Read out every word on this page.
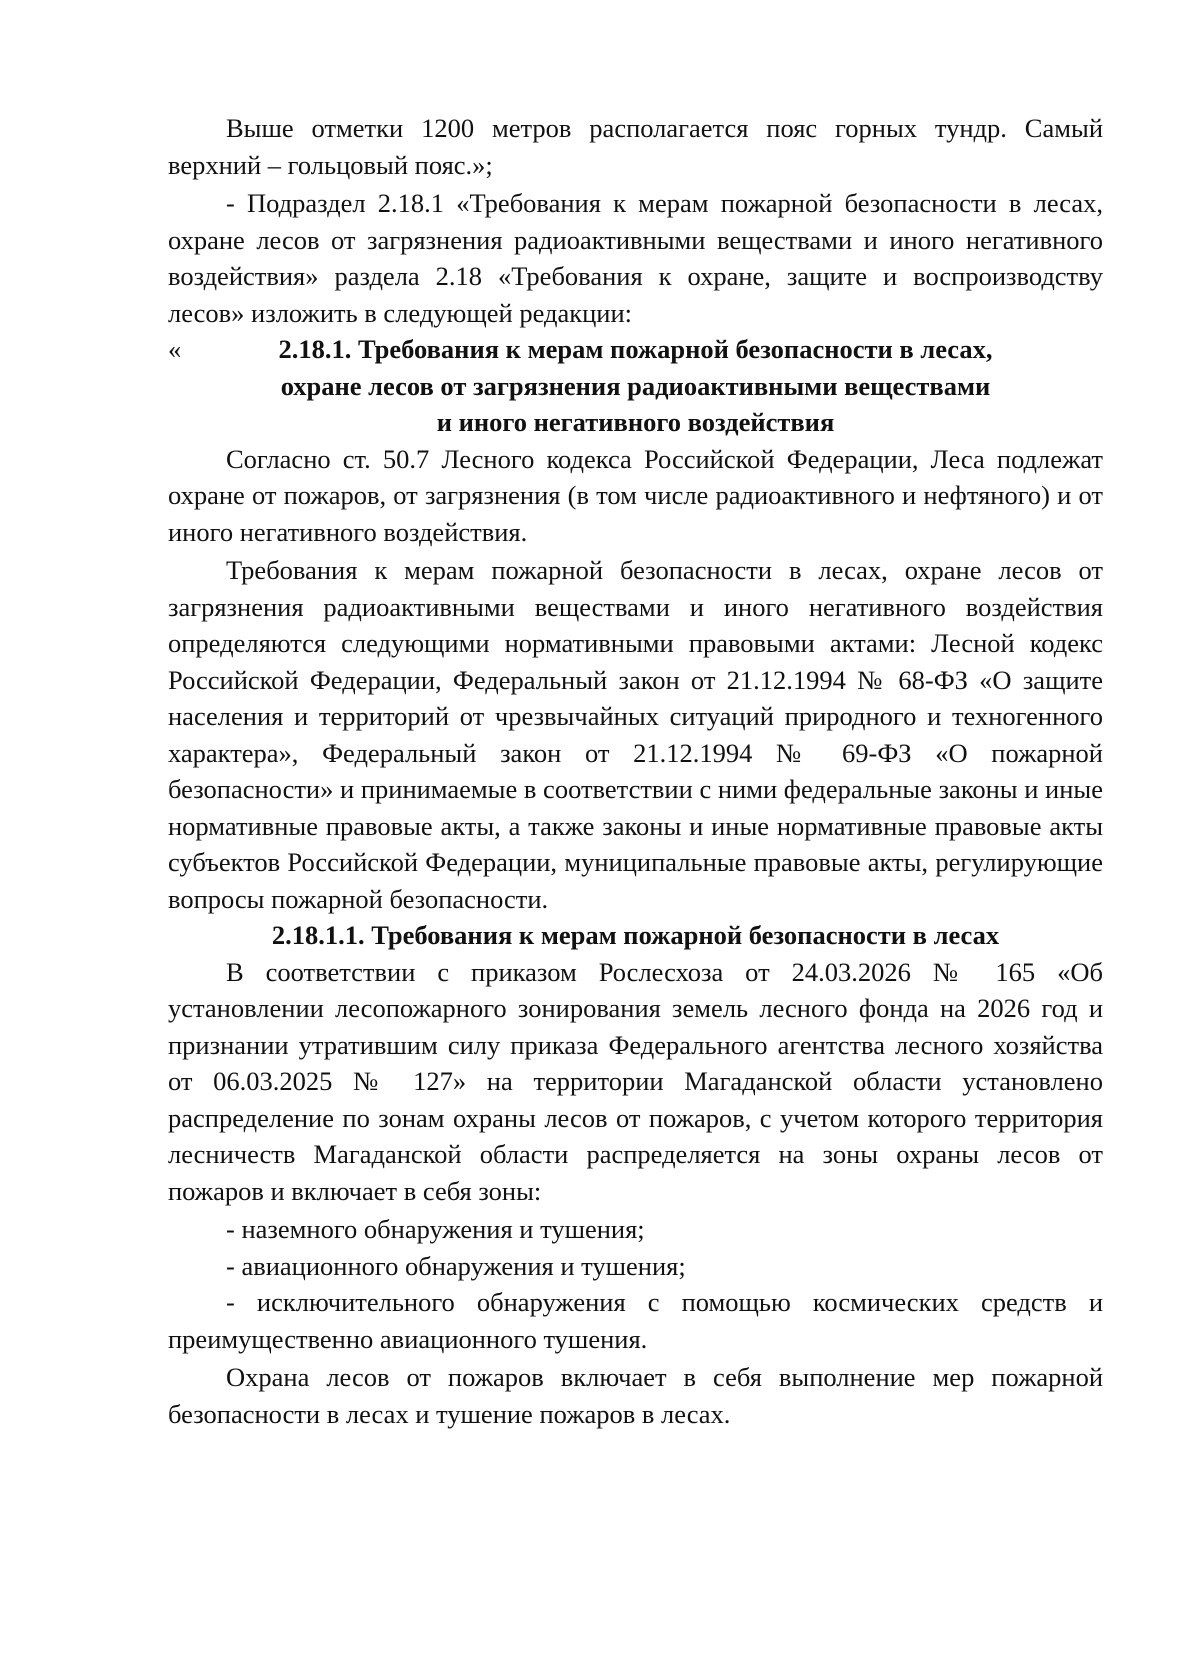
Выше отметки 1200 метров располагается пояс горных тундр. Самый верхний – гольцовый пояс.»;

- Подраздел 2.18.1 «Требования к мерам пожарной безопасности в лесах, охране лесов от загрязнения радиоактивными веществами и иного негативного воздействия» раздела 2.18 «Требования к охране, защите и воспроизводству лесов» изложить в следующей редакции:

«	2.18.1. Требования к мерам пожарной безопасности в лесах,

охране лесов от загрязнения радиоактивными веществами

и иного негативного воздействия

Согласно ст. 50.7 Лесного кодекса Российской Федерации, Леса подлежат охране от пожаров, от загрязнения (в том числе радиоактивного и нефтяного) и от иного негативного воздействия.

Требования к мерам пожарной безопасности в лесах, охране лесов от загрязнения радиоактивными веществами и иного негативного воздействия определяются следующими нормативными правовыми актами: Лесной кодекс Российской Федерации, Федеральный закон от 21.12.1994 № 68-ФЗ «О защите населения и территорий от чрезвычайных ситуаций природного и техногенного характера», Федеральный закон от 21.12.1994 № 69-ФЗ «О пожарной безопасности» и принимаемые в соответствии с ними федеральные законы и иные нормативные правовые акты, а также законы и иные нормативные правовые акты субъектов Российской Федерации, муниципальные правовые акты, регулирующие вопросы пожарной безопасности.

2.18.1.1. Требования к мерам пожарной безопасности в лесах

В соответствии с приказом Рослесхоза от 24.03.2026 № 165 «Об установлении лесопожарного зонирования земель лесного фонда на 2026 год и признании утратившим силу приказа Федерального агентства лесного хозяйства от 06.03.2025 № 127» на территории Магаданской области установлено распределение по зонам охраны лесов от пожаров, с учетом которого территория лесничеств Магаданской области распределяется на зоны охраны лесов от пожаров и включает в себя зоны:

- наземного обнаружения и тушения;

- авиационного обнаружения и тушения;

- исключительного обнаружения с помощью космических средств и преимущественно авиационного тушения.

Охрана лесов от пожаров включает в себя выполнение мер пожарной безопасности в лесах и тушение пожаров в лесах.
